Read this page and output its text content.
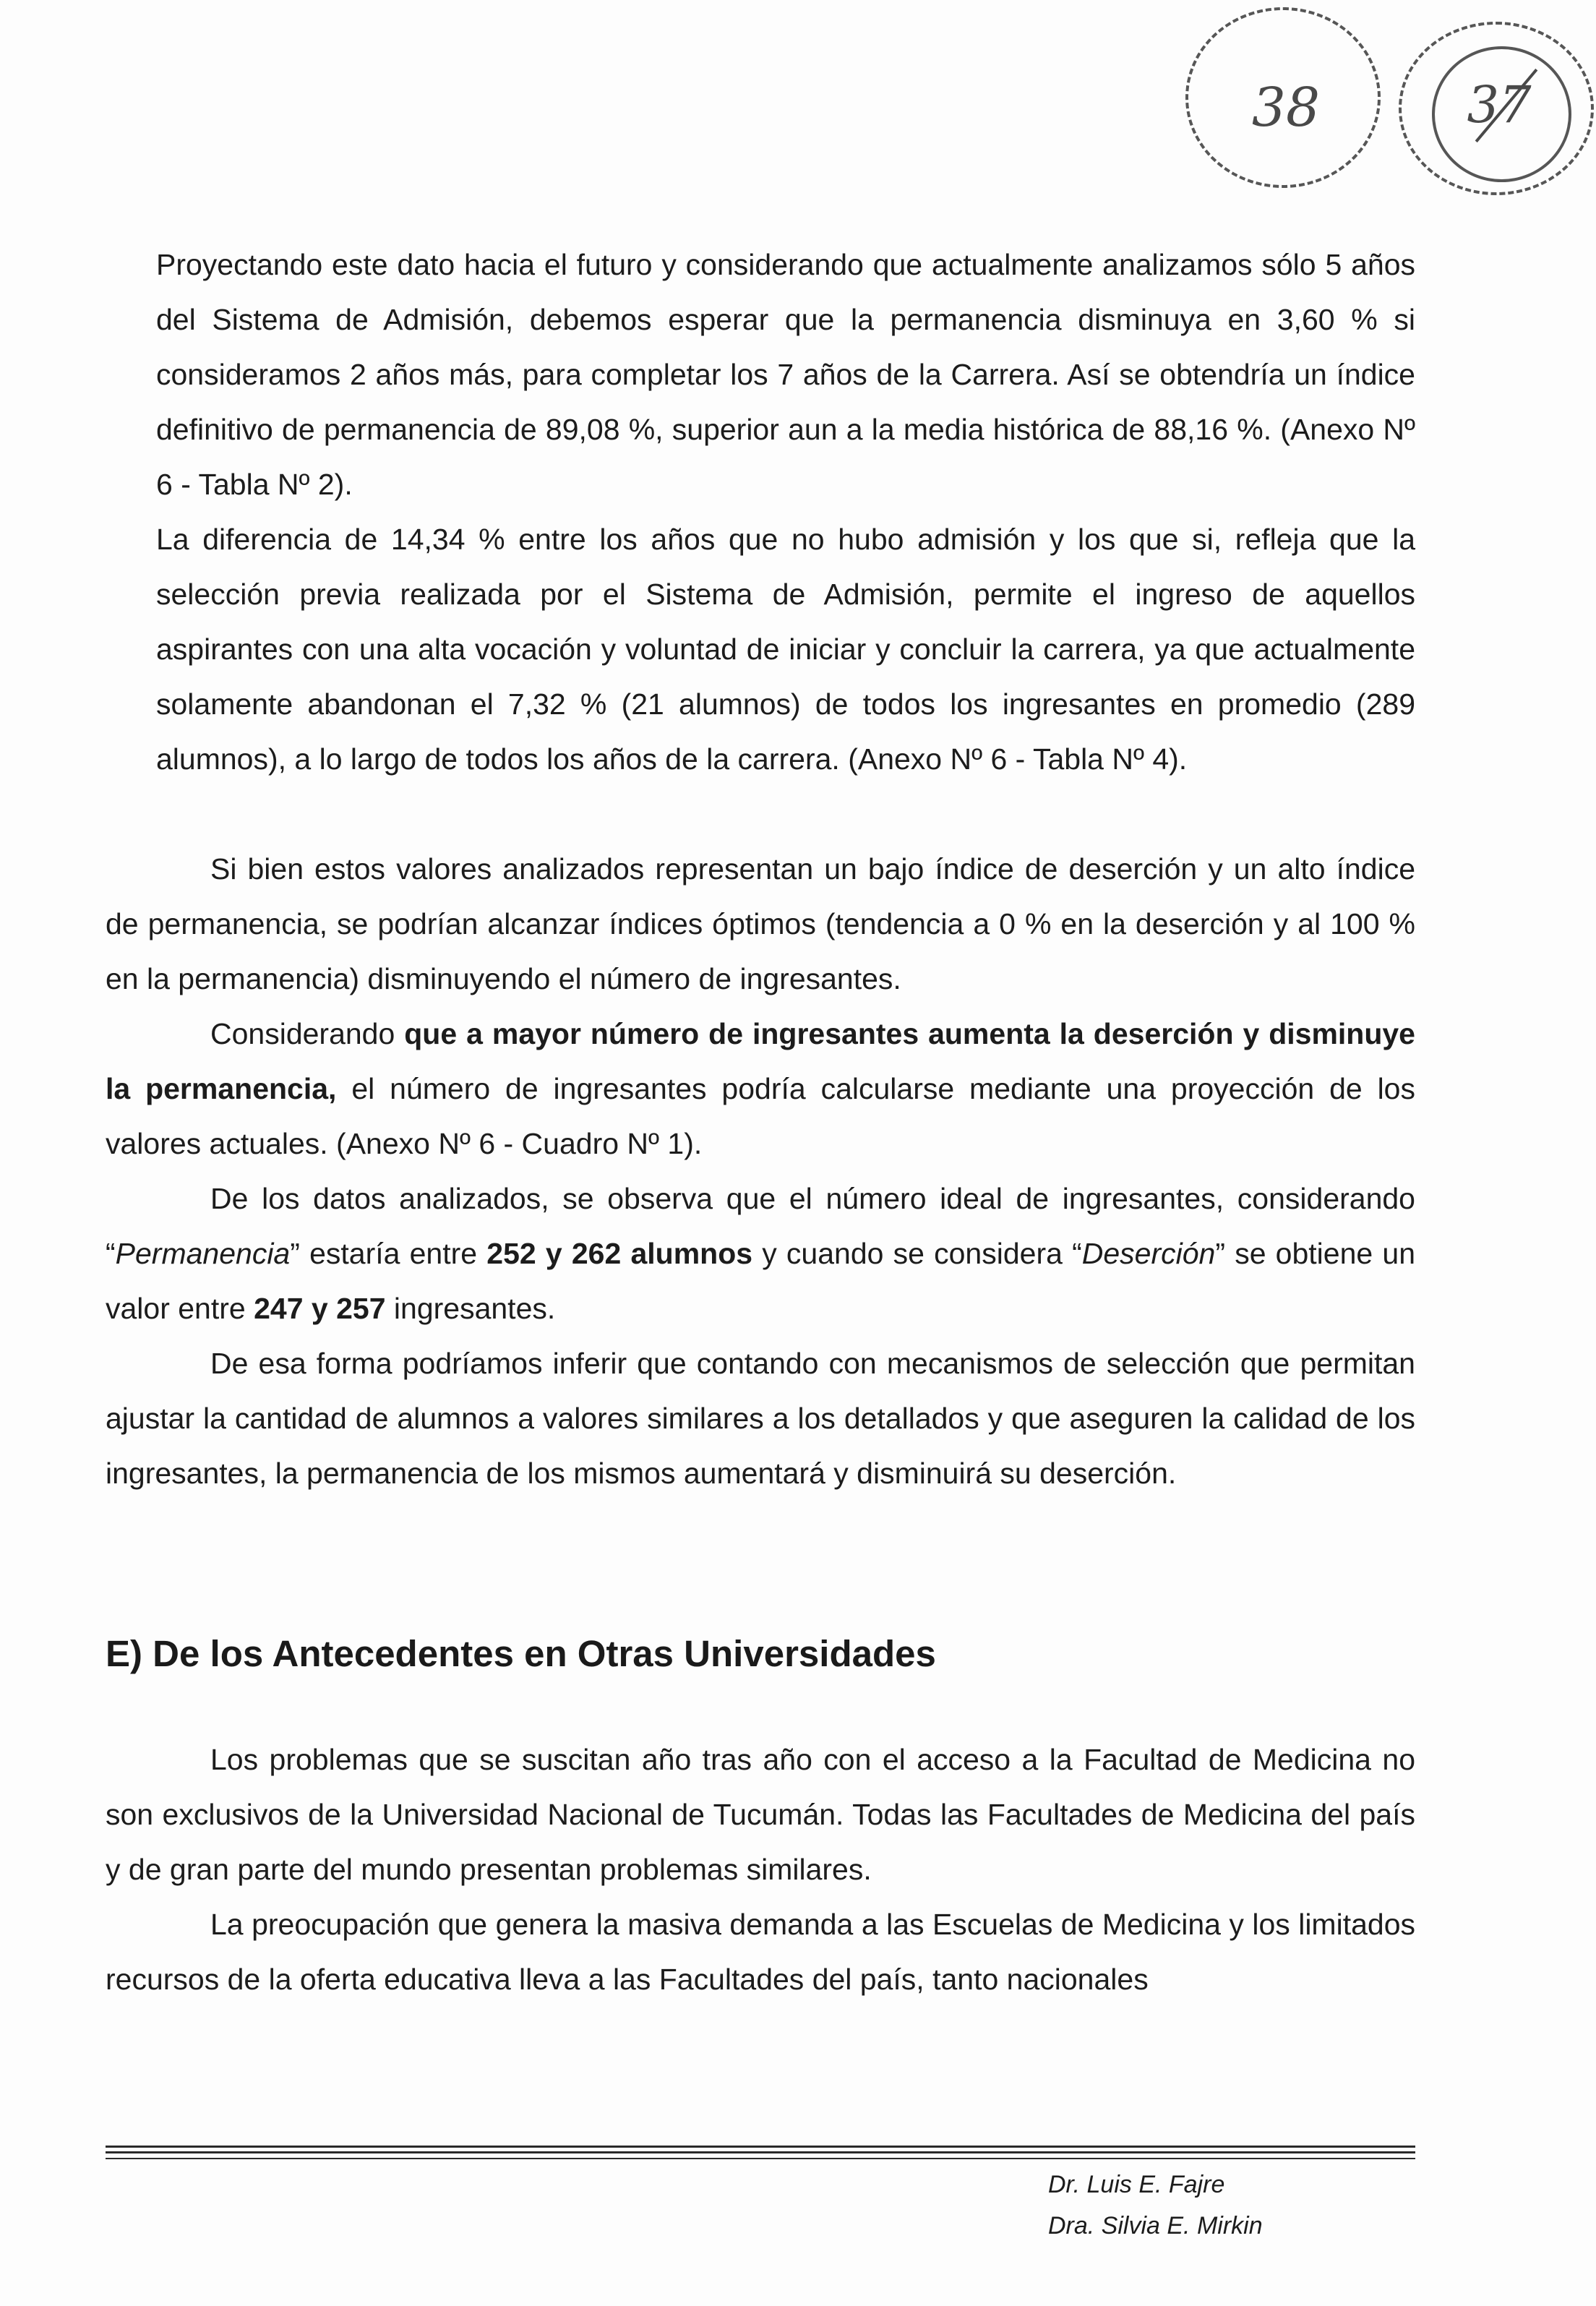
38	37

Proyectando este dato hacia el futuro y considerando que actualmente analizamos sólo 5 años del Sistema de Admisión, debemos esperar que la permanencia disminuya en 3,60 % si consideramos 2 años más, para completar los 7 años de la Carrera. Así se obtendría un índice definitivo de permanencia de 89,08 %, superior aun a la media histórica de 88,16 %. (Anexo Nº 6 - Tabla Nº 2).

La diferencia de 14,34 % entre los años que no hubo admisión y los que si, refleja que la selección previa realizada por el Sistema de Admisión, permite el ingreso de aquellos aspirantes con una alta vocación y voluntad de iniciar y concluir la carrera, ya que actualmente solamente abandonan el 7,32 % (21 alumnos) de todos los ingresantes en promedio (289 alumnos), a lo largo de todos los años de la carrera. (Anexo Nº 6 - Tabla Nº 4).

Si bien estos valores analizados representan un bajo índice de deserción y un alto índice de permanencia, se podrían alcanzar índices óptimos (tendencia a 0 % en la deserción y al 100 % en la permanencia) disminuyendo el número de ingresantes.

Considerando que a mayor número de ingresantes aumenta la deserción y disminuye la permanencia, el número de ingresantes podría calcularse mediante una proyección de los valores actuales. (Anexo Nº 6 - Cuadro Nº 1).

De los datos analizados, se observa que el número ideal de ingresantes, considerando “Permanencia” estaría entre 252 y 262 alumnos y cuando se considera “Deserción” se obtiene un valor entre 247 y 257 ingresantes.

De esa forma podríamos inferir que contando con mecanismos de selección que permitan ajustar la cantidad de alumnos a valores similares a los detallados y que aseguren la calidad de los ingresantes, la permanencia de los mismos aumentará y disminuirá su deserción.

E) De los Antecedentes en Otras Universidades

Los problemas que se suscitan año tras año con el acceso a la Facultad de Medicina no son exclusivos de la Universidad Nacional de Tucumán. Todas las Facultades de Medicina del país y de gran parte del mundo presentan problemas similares.

La preocupación que genera la masiva demanda a las Escuelas de Medicina y los limitados recursos de la oferta educativa lleva a las Facultades del país, tanto nacionales

Dr. Luis E. Fajre

Dra. Silvia E. Mirkin
